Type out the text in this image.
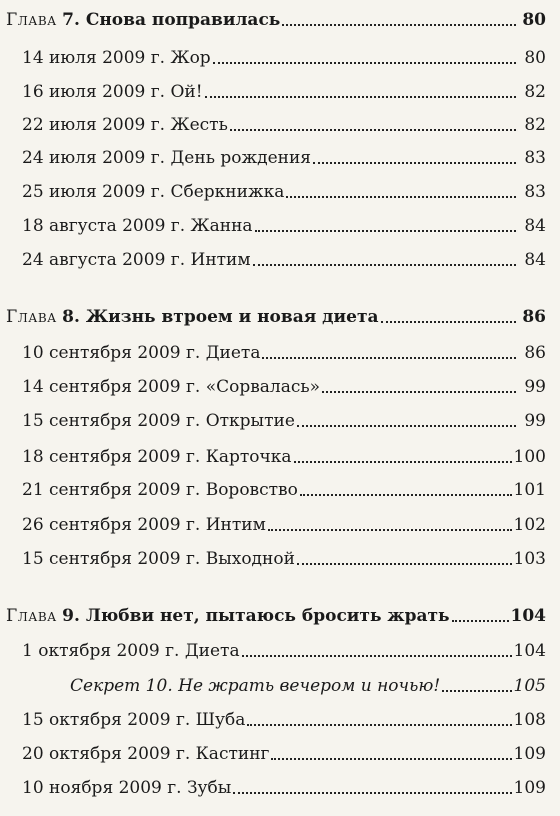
Глава 7. Снова поправилась	80
14 июля 2009 г. Жор	80
16 июля 2009 г. Ой!	82
22 июля 2009 г. Жесть	82
24 июля 2009 г. День рождения	83
25 июля 2009 г. Сберкнижка	83
18 августа 2009 г. Жанна	84
24 августа 2009 г. Интим	84
Глава 8. Жизнь втроем и новая диета	86
10 сентября 2009 г. Диета	86
14 сентября 2009 г. «Сорвалась»	99
15 сентября 2009 г. Открытие	99
18 сентября 2009 г. Карточка	100
21 сентября 2009 г. Воровство	101
26 сентября 2009 г. Интим	102
15 сентября 2009 г. Выходной	103
Глава 9. Любви нет, пытаюсь бросить жрать	104
1 октября 2009 г. Диета	104
Секрет 10. Не жрать вечером и ночью!	105
15 октября 2009 г. Шуба	108
20 октября 2009 г. Кастинг	109
10 ноября 2009 г. Зубы	109
